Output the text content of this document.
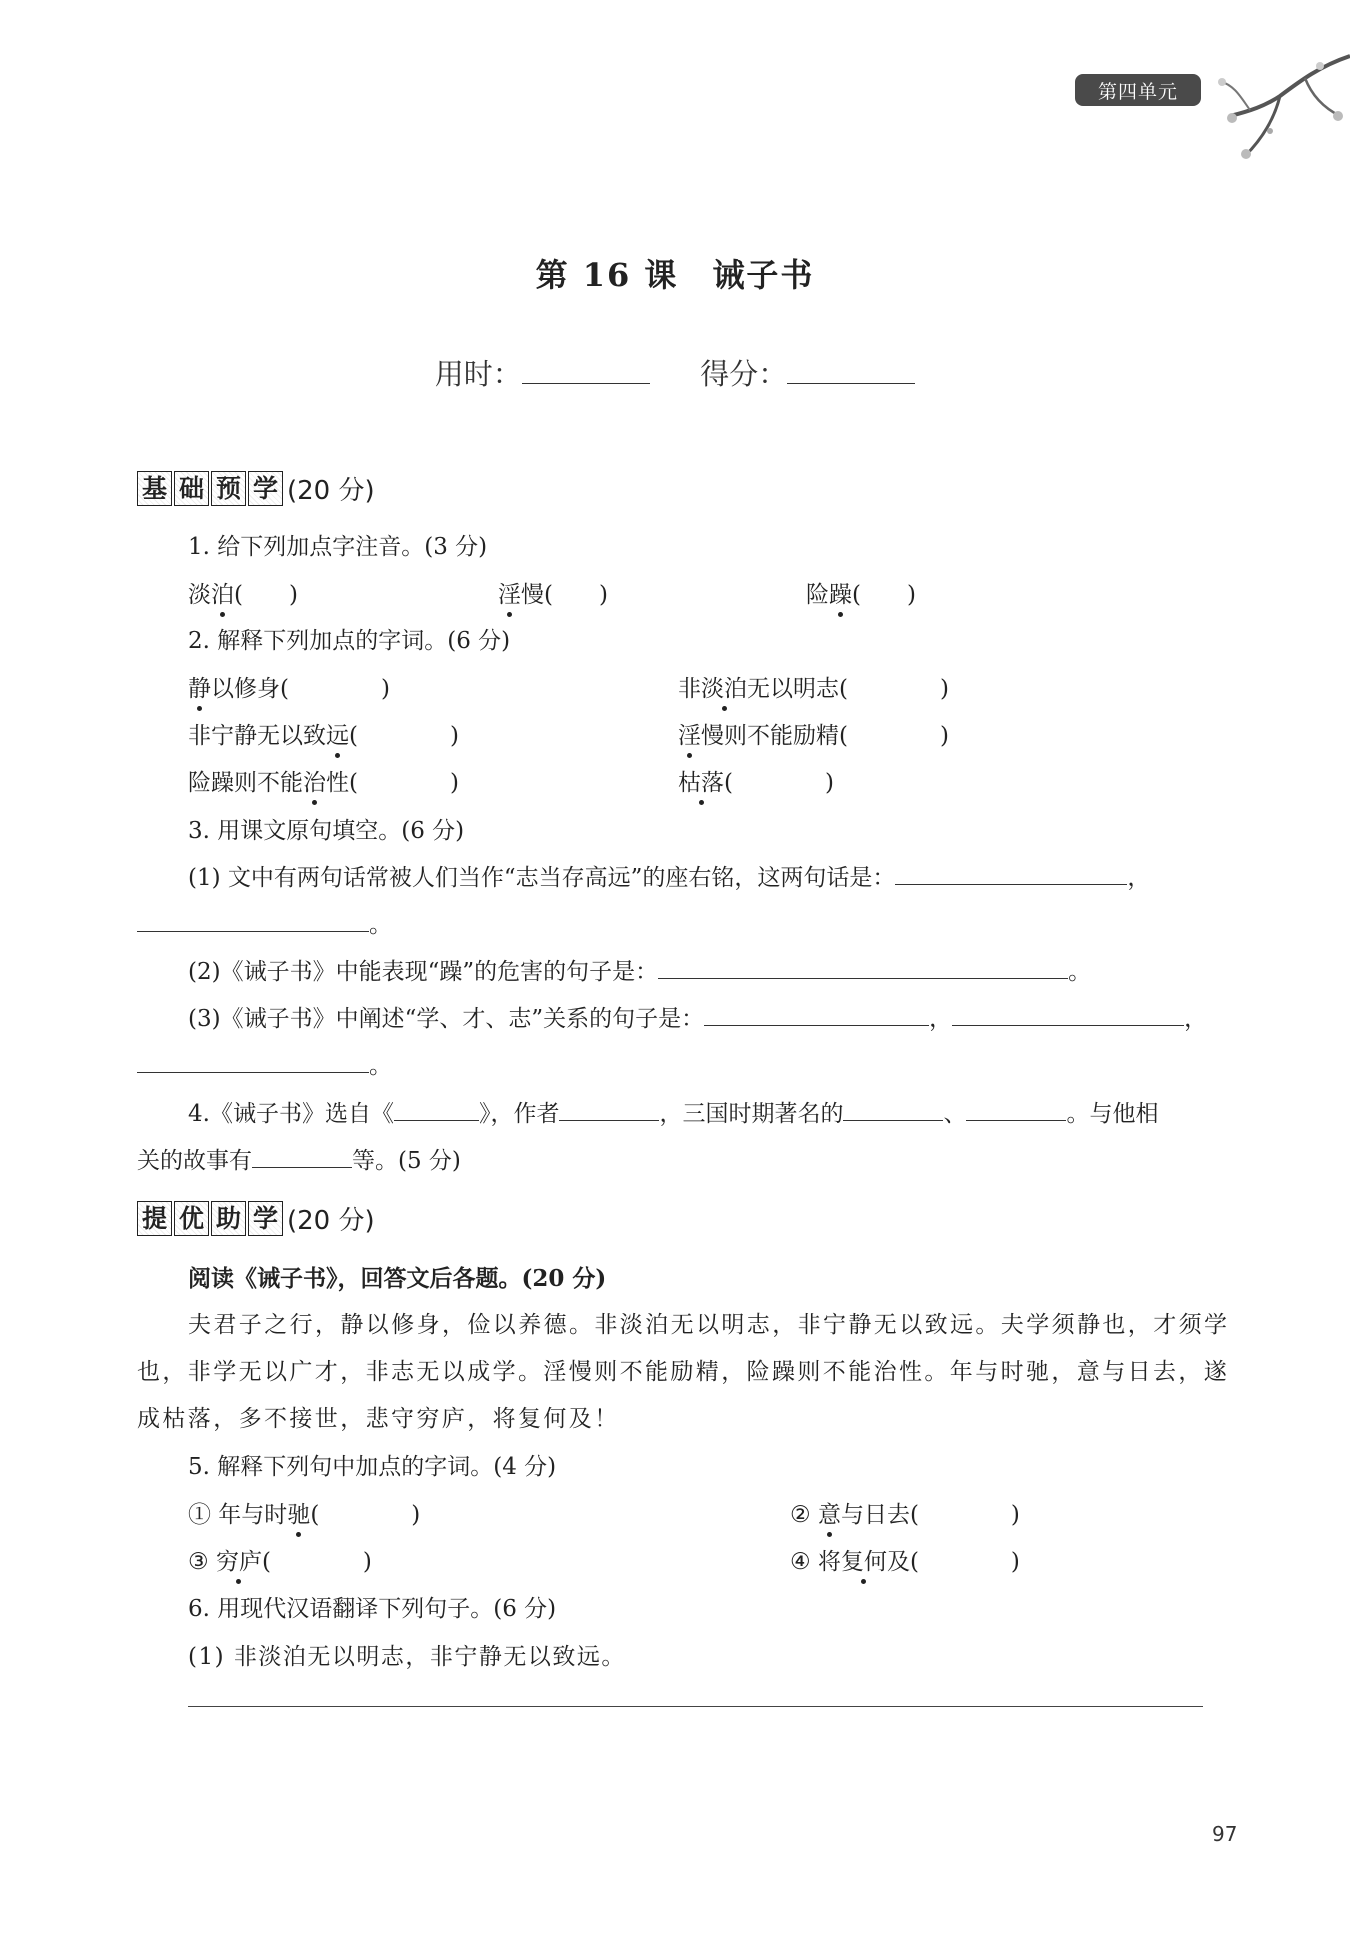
第四单元
第 16 课　诫子书
用时：	得分：
基 础 预 学 (20 分)
1. 给下列加点字注音。(3 分)
淡泊(　　)	淫慢(　　)	险躁(　　)
2. 解释下列加点的字词。(6 分)
静以修身(　　　　)	非淡泊无以明志(　　　　)
非宁静无以致远(　　　　)	淫慢则不能励精(　　　　)
险躁则不能治性(　　　　)	枯落(　　　　)
3. 用课文原句填空。(6 分)
(1) 文中有两句话常被人们当作“志当存高远”的座右铭，这两句话是：	，
。
(2)《诫子书》中能表现“躁”的危害的句子是：	。
(3)《诫子书》中阐述“学、才、志”关系的句子是：	，	，
。
4.《诫子书》选自《	》，作者	，三国时期著名的	、	。与他相
关的故事有	等。(5 分)
提 优 助 学 (20 分)
阅读《诫子书》，回答文后各题。(20 分)
夫君子之行，静以修身，俭以养德。非淡泊无以明志，非宁静无以致远。夫学须静也，才须学
也，非学无以广才，非志无以成学。淫慢则不能励精，险躁则不能治性。年与时驰，意与日去，遂
成枯落，多不接世，悲守穷庐，将复何及！
5. 解释下列句中加点的字词。(4 分)
① 年与时驰(　　　　)	② 意与日去(　　　　)
③ 穷庐(　　　　)	④ 将复何及(　　　　)
6. 用现代汉语翻译下列句子。(6 分)
(1) 非淡泊无以明志，非宁静无以致远。
97
